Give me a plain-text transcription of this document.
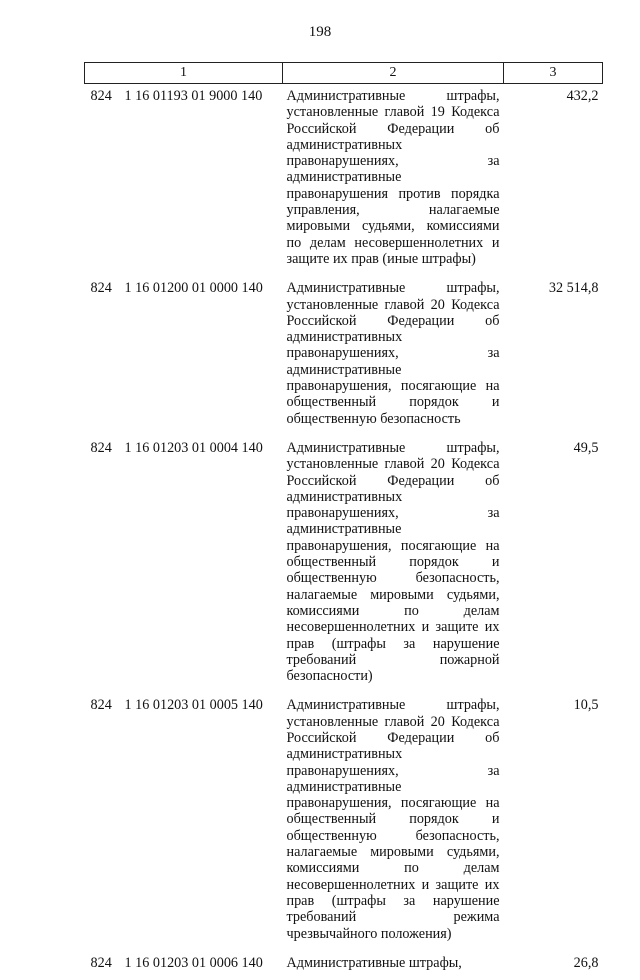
198
1	2	3
824 1 16 01193 01 9000 140	Административные штрафы, установленные главой 19 Кодекса Российской Федерации об административных правонарушениях, за административные правонарушения против порядка управления, налагаемые мировыми судьями, комиссиями по делам несовершеннолетних и защите их прав (иные штрафы)	432,2
824 1 16 01200 01 0000 140	Административные штрафы, установленные главой 20 Кодекса Российской Федерации об административных правонарушениях, за административные правонарушения, посягающие на общественный порядок и общественную безопасность	32 514,8
824 1 16 01203 01 0004 140	Административные штрафы, установленные главой 20 Кодекса Российской Федерации об административных правонарушениях, за административные правонарушения, посягающие на общественный порядок и общественную безопасность, налагаемые мировыми судьями, комиссиями по делам несовершеннолетних и защите их прав (штрафы за нарушение требований пожарной безопасности)	49,5
824 1 16 01203 01 0005 140	Административные штрафы, установленные главой 20 Кодекса Российской Федерации об административных правонарушениях, за административные правонарушения, посягающие на общественный порядок и общественную безопасность, налагаемые мировыми судьями, комиссиями по делам несовершеннолетних и защите их прав (штрафы за нарушение требований режима чрезвычайного положения)	10,5
824 1 16 01203 01 0006 140	Административные штрафы,	26,8
